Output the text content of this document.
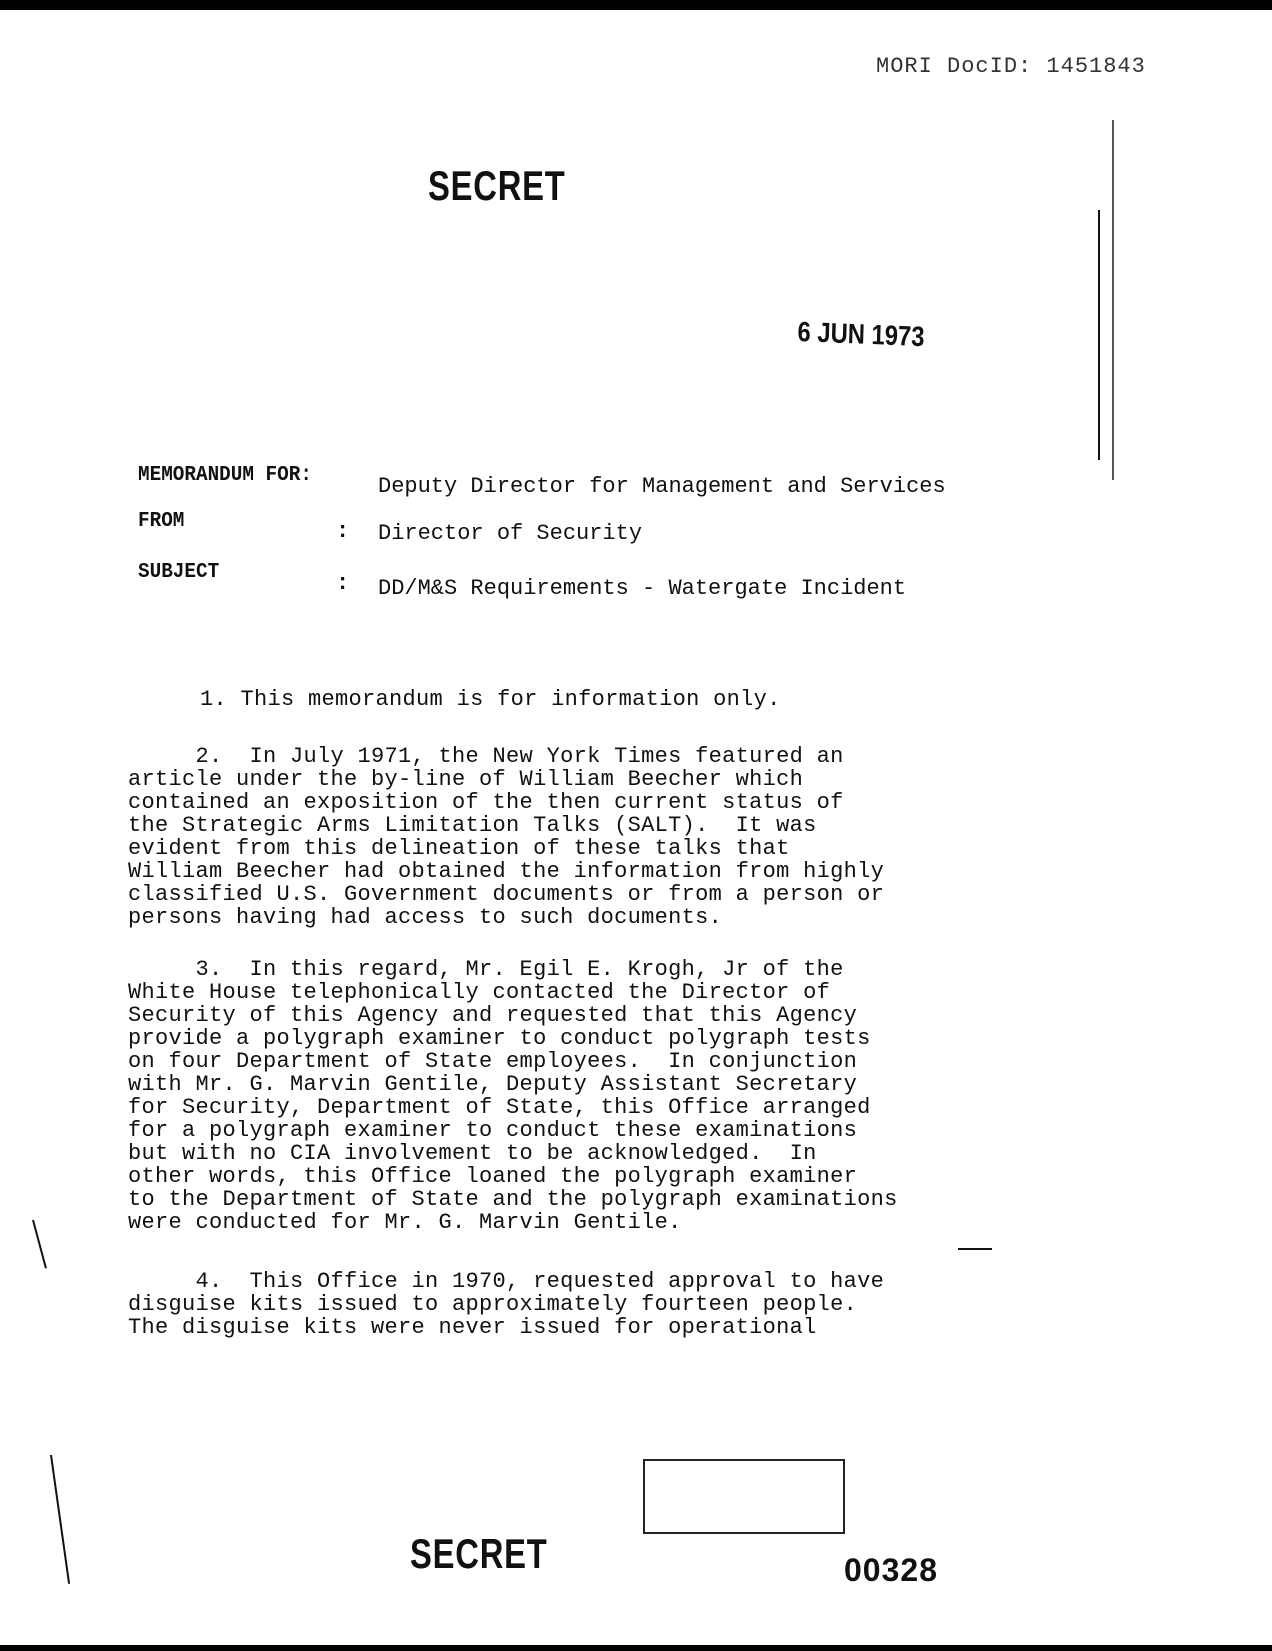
MORI DocID: 1451843
SECRET
6 JUN 1973
MEMORANDUM FOR:	Deputy Director for Management and Services
FROM	: Director of Security
SUBJECT	: DD/M&S Requirements - Watergate Incident
1. This memorandum is for information only.
2.  In July 1971, the New York Times featured an
article under the by-line of William Beecher which
contained an exposition of the then current status of
the Strategic Arms Limitation Talks (SALT).  It was
evident from this delineation of these talks that
William Beecher had obtained the information from highly
classified U.S. Government documents or from a person or
persons having had access to such documents.
3.  In this regard, Mr. Egil E. Krogh, Jr of the
White House telephonically contacted the Director of
Security of this Agency and requested that this Agency
provide a polygraph examiner to conduct polygraph tests
on four Department of State employees.  In conjunction
with Mr. G. Marvin Gentile, Deputy Assistant Secretary
for Security, Department of State, this Office arranged
for a polygraph examiner to conduct these examinations
but with no CIA involvement to be acknowledged.  In
other words, this Office loaned the polygraph examiner
to the Department of State and the polygraph examinations
were conducted for Mr. G. Marvin Gentile.
4.  This Office in 1970, requested approval to have
disguise kits issued to approximately fourteen people.
The disguise kits were never issued for operational
SECRET	00328
